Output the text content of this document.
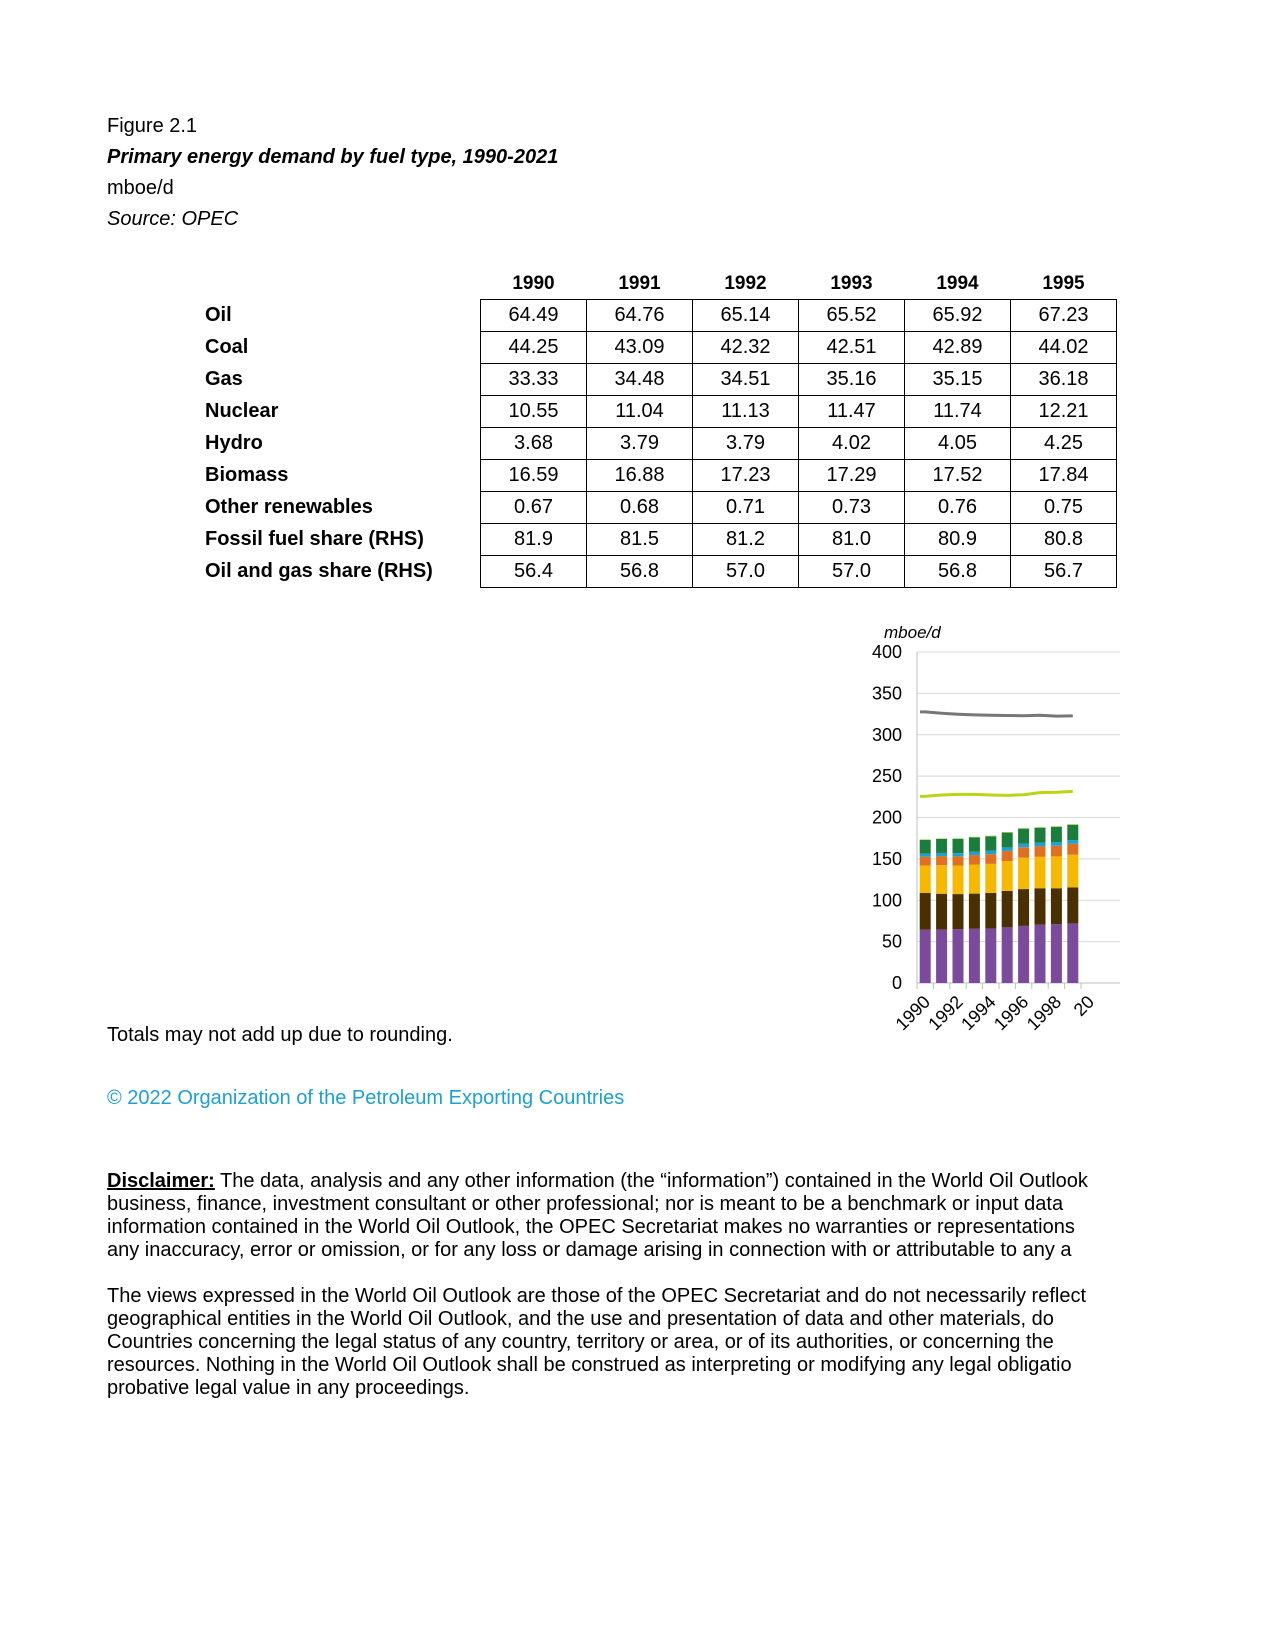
Figure 2.1
Primary energy demand by fuel type, 1990-2021
mboe/d
Source: OPEC
	1990	1991	1992	1993	1994	1995
Oil	64.49	64.76	65.14	65.52	65.92	67.23
Coal	44.25	43.09	42.32	42.51	42.89	44.02
Gas	33.33	34.48	34.51	35.16	35.15	36.18
Nuclear	10.55	11.04	11.13	11.47	11.74	12.21
Hydro	3.68	3.79	3.79	4.02	4.05	4.25
Biomass	16.59	16.88	17.23	17.29	17.52	17.84
Other renewables	0.67	0.68	0.71	0.73	0.76	0.75
Fossil fuel share (RHS)	81.9	81.5	81.2	81.0	80.9	80.8
Oil and gas share (RHS)	56.4	56.8	57.0	57.0	56.8	56.7
mboe/d
0
50
100
150
200
250
300
350
400
1990
1992
1994
1996
1998 20
Totals may not add up due to rounding.
© 2022 Organization of the Petroleum Exporting Countries
Disclaimer: The data, analysis and any other information (the “information”) contained in the World Oil Outlook
business, finance, investment consultant or other professional; nor is meant to be a benchmark or input data
information contained in the World Oil Outlook, the OPEC Secretariat makes no warranties or representations
any inaccuracy, error or omission, or for any loss or damage arising in connection with or attributable to any a
The views expressed in the World Oil Outlook are those of the OPEC Secretariat and do not necessarily reflect
geographical entities in the World Oil Outlook, and the use and presentation of data and other materials, do
Countries concerning the legal status of any country, territory or area, or of its authorities, or concerning the
resources. Nothing in the World Oil Outlook shall be construed as interpreting or modifying any legal obligatio
probative legal value in any proceedings.
